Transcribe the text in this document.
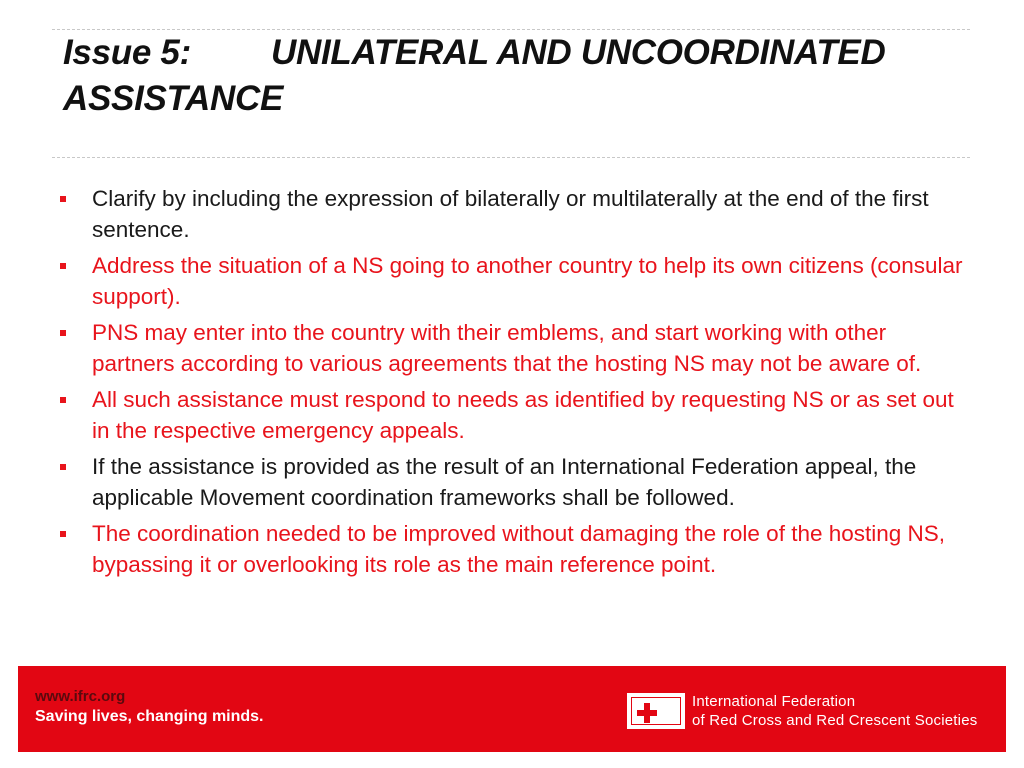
Issue 5: UNILATERAL AND UNCOORDINATED
ASSISTANCE
Clarify by including the expression of bilaterally or multilaterally at the end of the first sentence.
Address the situation of a NS going to another country to help its own citizens (consular support).
PNS may enter into the country with their emblems, and start working with other partners according to various agreements that the hosting NS may not be aware of.
All such assistance must respond to needs as identified by requesting NS or as set out in the respective emergency appeals.
If the assistance is provided as the result of an International Federation appeal, the applicable Movement coordination frameworks shall be followed.
The coordination needed to be improved without damaging the role of the hosting NS, bypassing it or overlooking its role as the main reference point.
www.ifrc.org
Saving lives, changing minds.
International Federation
of Red Cross and Red Crescent Societies
